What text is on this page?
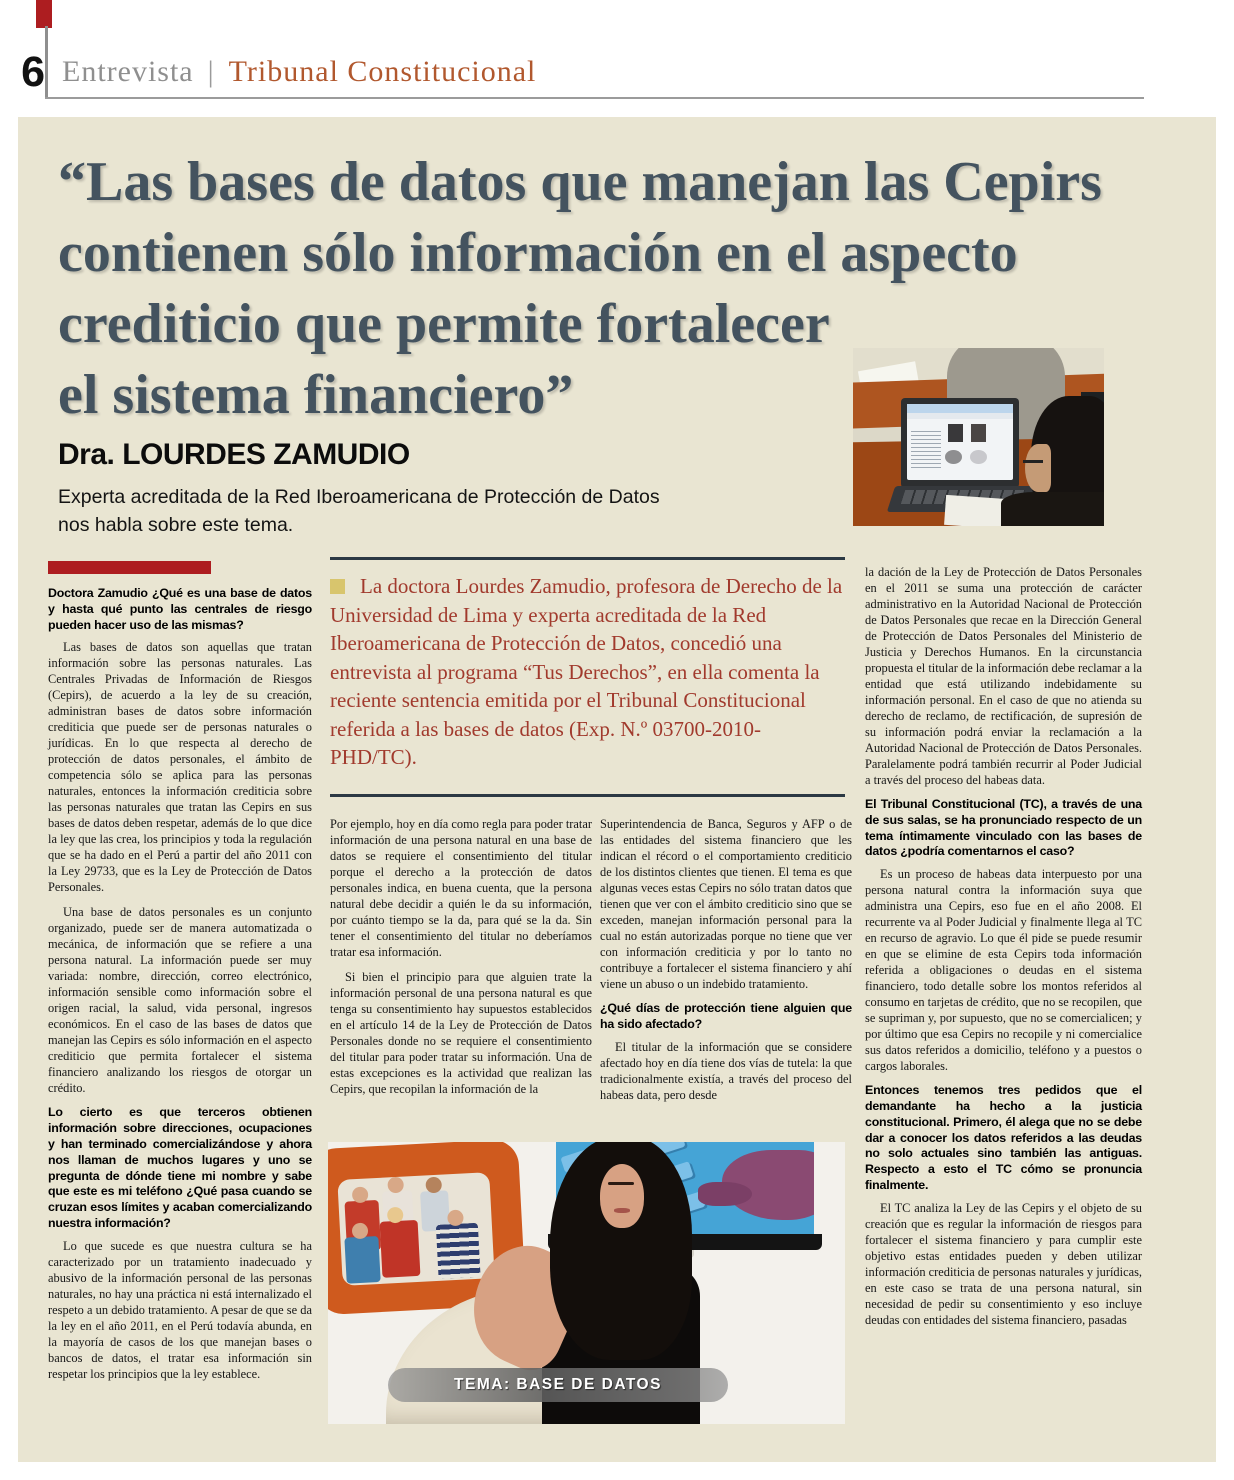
6 Entrevista | Tribunal Constitucional
“Las bases de datos que manejan las Cepirs
contienen sólo información en el aspecto
crediticio que permite fortalecer
el sistema financiero”
Dra. LOURDES ZAMUDIO
Experta acreditada de la Red Iberoamericana de Protección de Datos
nos habla sobre este tema.

Doctora Zamudio ¿Qué es una base de datos y hasta qué punto las centrales de riesgo pueden hacer uso de las mismas?

Las bases de datos son aquellas que tratan información sobre las personas naturales. Las Centrales Privadas de Información de Riesgos (Cepirs), de acuerdo a la ley de su creación, administran bases de datos sobre información crediticia que puede ser de personas naturales o jurídicas. En lo que respecta al derecho de protección de datos personales, el ámbito de competencia sólo se aplica para las personas naturales, entonces la información crediticia sobre las personas naturales que tratan las Cepirs en sus bases de datos deben respetar, además de lo que dice la ley que las crea, los principios y toda la regulación que se ha dado en el Perú a partir del año 2011 con la Ley 29733, que es la Ley de Protección de Datos Personales.

Una base de datos personales es un conjunto organizado, puede ser de manera automatizada o mecánica, de información que se refiere a una persona natural. La información puede ser muy variada: nombre, dirección, correo electrónico, información sensible como información sobre el origen racial, la salud, vida personal, ingresos económicos. En el caso de las bases de datos que manejan las Cepirs es sólo información en el aspecto crediticio que permita fortalecer el sistema financiero analizando los riesgos de otorgar un crédito.

Lo cierto es que terceros obtienen información sobre direcciones, ocupaciones y han terminado comercializándose y ahora nos llaman de muchos lugares y uno se pregunta de dónde tiene mi nombre y sabe que este es mi teléfono ¿Qué pasa cuando se cruzan esos límites y acaban comercializando nuestra información?

Lo que sucede es que nuestra cultura se ha caracterizado por un tratamiento inadecuado y abusivo de la información personal de las personas naturales, no hay una práctica ni está internalizado el respeto a un debido tratamiento. A pesar de que se da la ley en el año 2011, en el Perú todavía abunda, en la mayoría de casos de los que manejan bases o bancos de datos, el tratar esa información sin respetar los principios que la ley establece.

La doctora Lourdes Zamudio, profesora de Derecho de la Universidad de Lima y experta acreditada de la Red Iberoamericana de Protección de Datos, concedió una entrevista al programa “Tus Derechos”, en ella comenta la reciente sentencia emitida por el Tribunal Constitucional referida a las bases de datos (Exp. N.º 03700-2010-PHD/TC).

Por ejemplo, hoy en día como regla para poder tratar información de una persona natural en una base de datos se requiere el consentimiento del titular porque el derecho a la protección de datos personales indica, en buena cuenta, que la persona natural debe decidir a quién le da su información, por cuánto tiempo se la da, para qué se la da. Sin tener el consentimiento del titular no deberíamos tratar esa información.

Si bien el principio para que alguien trate la información personal de una persona natural es que tenga su consentimiento hay supuestos establecidos en el artículo 14 de la Ley de Protección de Datos Personales donde no se requiere el consentimiento del titular para poder tratar su información. Una de estas excepciones es la actividad que realizan las Cepirs, que recopilan la información de la

Superintendencia de Banca, Seguros y AFP o de las entidades del sistema financiero que les indican el récord o el comportamiento crediticio de los distintos clientes que tienen. El tema es que algunas veces estas Cepirs no sólo tratan datos que tienen que ver con el ámbito crediticio sino que se exceden, manejan información personal para la cual no están autorizadas porque no tiene que ver con información crediticia y por lo tanto no contribuye a fortalecer el sistema financiero y ahí viene un abuso o un indebido tratamiento.

¿Qué días de protección tiene alguien que ha sido afectado?

El titular de la información que se considere afectado hoy en día tiene dos vías de tutela: la que tradicionalmente existía, a través del proceso del habeas data, pero desde

la dación de la Ley de Protección de Datos Personales en el 2011 se suma una protección de carácter administrativo en la Autoridad Nacional de Protección de Datos Personales que recae en la Dirección General de Protección de Datos Personales del Ministerio de Justicia y Derechos Humanos. En la circunstancia propuesta el titular de la información debe reclamar a la entidad que está utilizando indebidamente su información personal. En el caso de que no atienda su derecho de reclamo, de rectificación, de supresión de su información podrá enviar la reclamación a la Autoridad Nacional de Protección de Datos Personales. Paralelamente podrá también recurrir al Poder Judicial a través del proceso del habeas data.

El Tribunal Constitucional (TC), a través de una de sus salas, se ha pronunciado respecto de un tema íntimamente vinculado con las bases de datos ¿podría comentarnos el caso?

Es un proceso de habeas data interpuesto por una persona natural contra la información suya que administra una Cepirs, eso fue en el año 2008. El recurrente va al Poder Judicial y finalmente llega al TC en recurso de agravio. Lo que él pide se puede resumir en que se elimine de esta Cepirs toda información referida a obligaciones o deudas en el sistema financiero, todo detalle sobre los montos referidos al consumo en tarjetas de crédito, que no se recopilen, que se supriman y, por supuesto, que no se comercialicen; y por último que esa Cepirs no recopile y ni comercialice sus datos referidos a domicilio, teléfono y a puestos o cargos laborales.

Entonces tenemos tres pedidos que el demandante ha hecho a la justicia constitucional. Primero, él alega que no se debe dar a conocer los datos referidos a las deudas no solo actuales sino también las antiguas. Respecto a esto el TC cómo se pronuncia finalmente.

El TC analiza la Ley de las Cepirs y el objeto de su creación que es regular la información de riesgos para fortalecer el sistema financiero y para cumplir este objetivo estas entidades pueden y deben utilizar información crediticia de personas naturales y jurídicas, en este caso se trata de una persona natural, sin necesidad de pedir su consentimiento y eso incluye deudas con entidades del sistema financiero, pasadas

TEMA: BASE DE DATOS
